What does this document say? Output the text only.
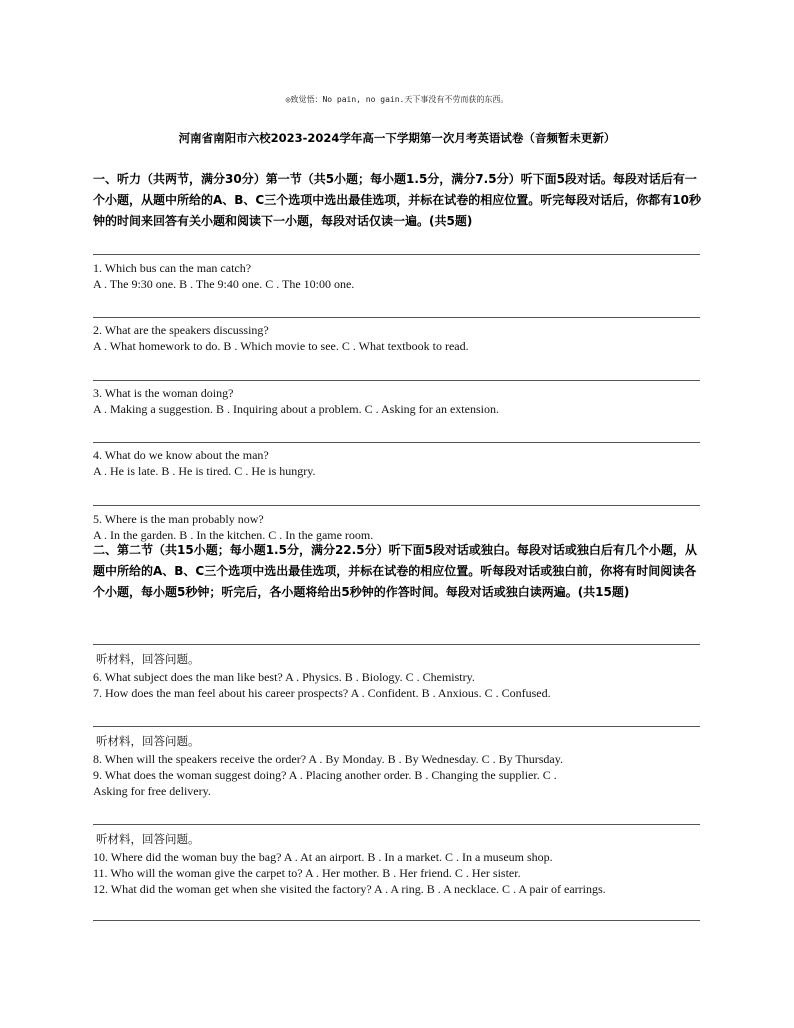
◎致觉悟：No pain, no gain.天下事没有不劳而获的东西。
河南省南阳市六校2023-2024学年高一下学期第一次月考英语试卷（音频暂未更新）
一、听力（共两节，满分30分）第一节（共5小题；每小题1.5分，满分7.5分）听下面5段对话。每段对话后有一个小题，从题中所给的A、B、C三个选项中选出最佳选项，并标在试卷的相应位置。听完每段对话后，你都有10秒钟的时间来回答有关小题和阅读下一小题，每段对话仅读一遍。(共5题)
1. Which bus can the man catch?
A . The 9:30 one. B . The 9:40 one. C . The 10:00 one.
2. What are the speakers discussing?
A . What homework to do. B . Which movie to see. C . What textbook to read.
3. What is the woman doing?
A . Making a suggestion. B . Inquiring about a problem. C . Asking for an extension.
4. What do we know about the man?
A . He is late. B . He is tired. C . He is hungry.
5. Where is the man probably now?
A . In the garden. B . In the kitchen. C . In the game room.
二、第二节（共15小题；每小题1.5分，满分22.5分）听下面5段对话或独白。每段对话或独白后有几个小题，从题中所给的A、B、C三个选项中选出最佳选项，并标在试卷的相应位置。听每段对话或独白前，你将有时间阅读各个小题，每小题5秒钟；听完后，各小题将给出5秒钟的作答时间。每段对话或独白读两遍。(共15题)
听材料，回答问题。
6. What subject does the man like best? A . Physics. B . Biology. C . Chemistry.
7. How does the man feel about his career prospects? A . Confident. B . Anxious. C . Confused.
听材料，回答问题。
8. When will the speakers receive the order? A . By Monday. B . By Wednesday. C . By Thursday.
9. What does the woman suggest doing? A . Placing another order. B . Changing the supplier. C .
Asking for free delivery.
听材料，回答问题。
10. Where did the woman buy the bag? A . At an airport. B . In a market. C . In a museum shop.
11. Who will the woman give the carpet to? A . Her mother. B . Her friend. C . Her sister.
12. What did the woman get when she visited the factory? A . A ring. B . A necklace. C . A pair of earrings.
